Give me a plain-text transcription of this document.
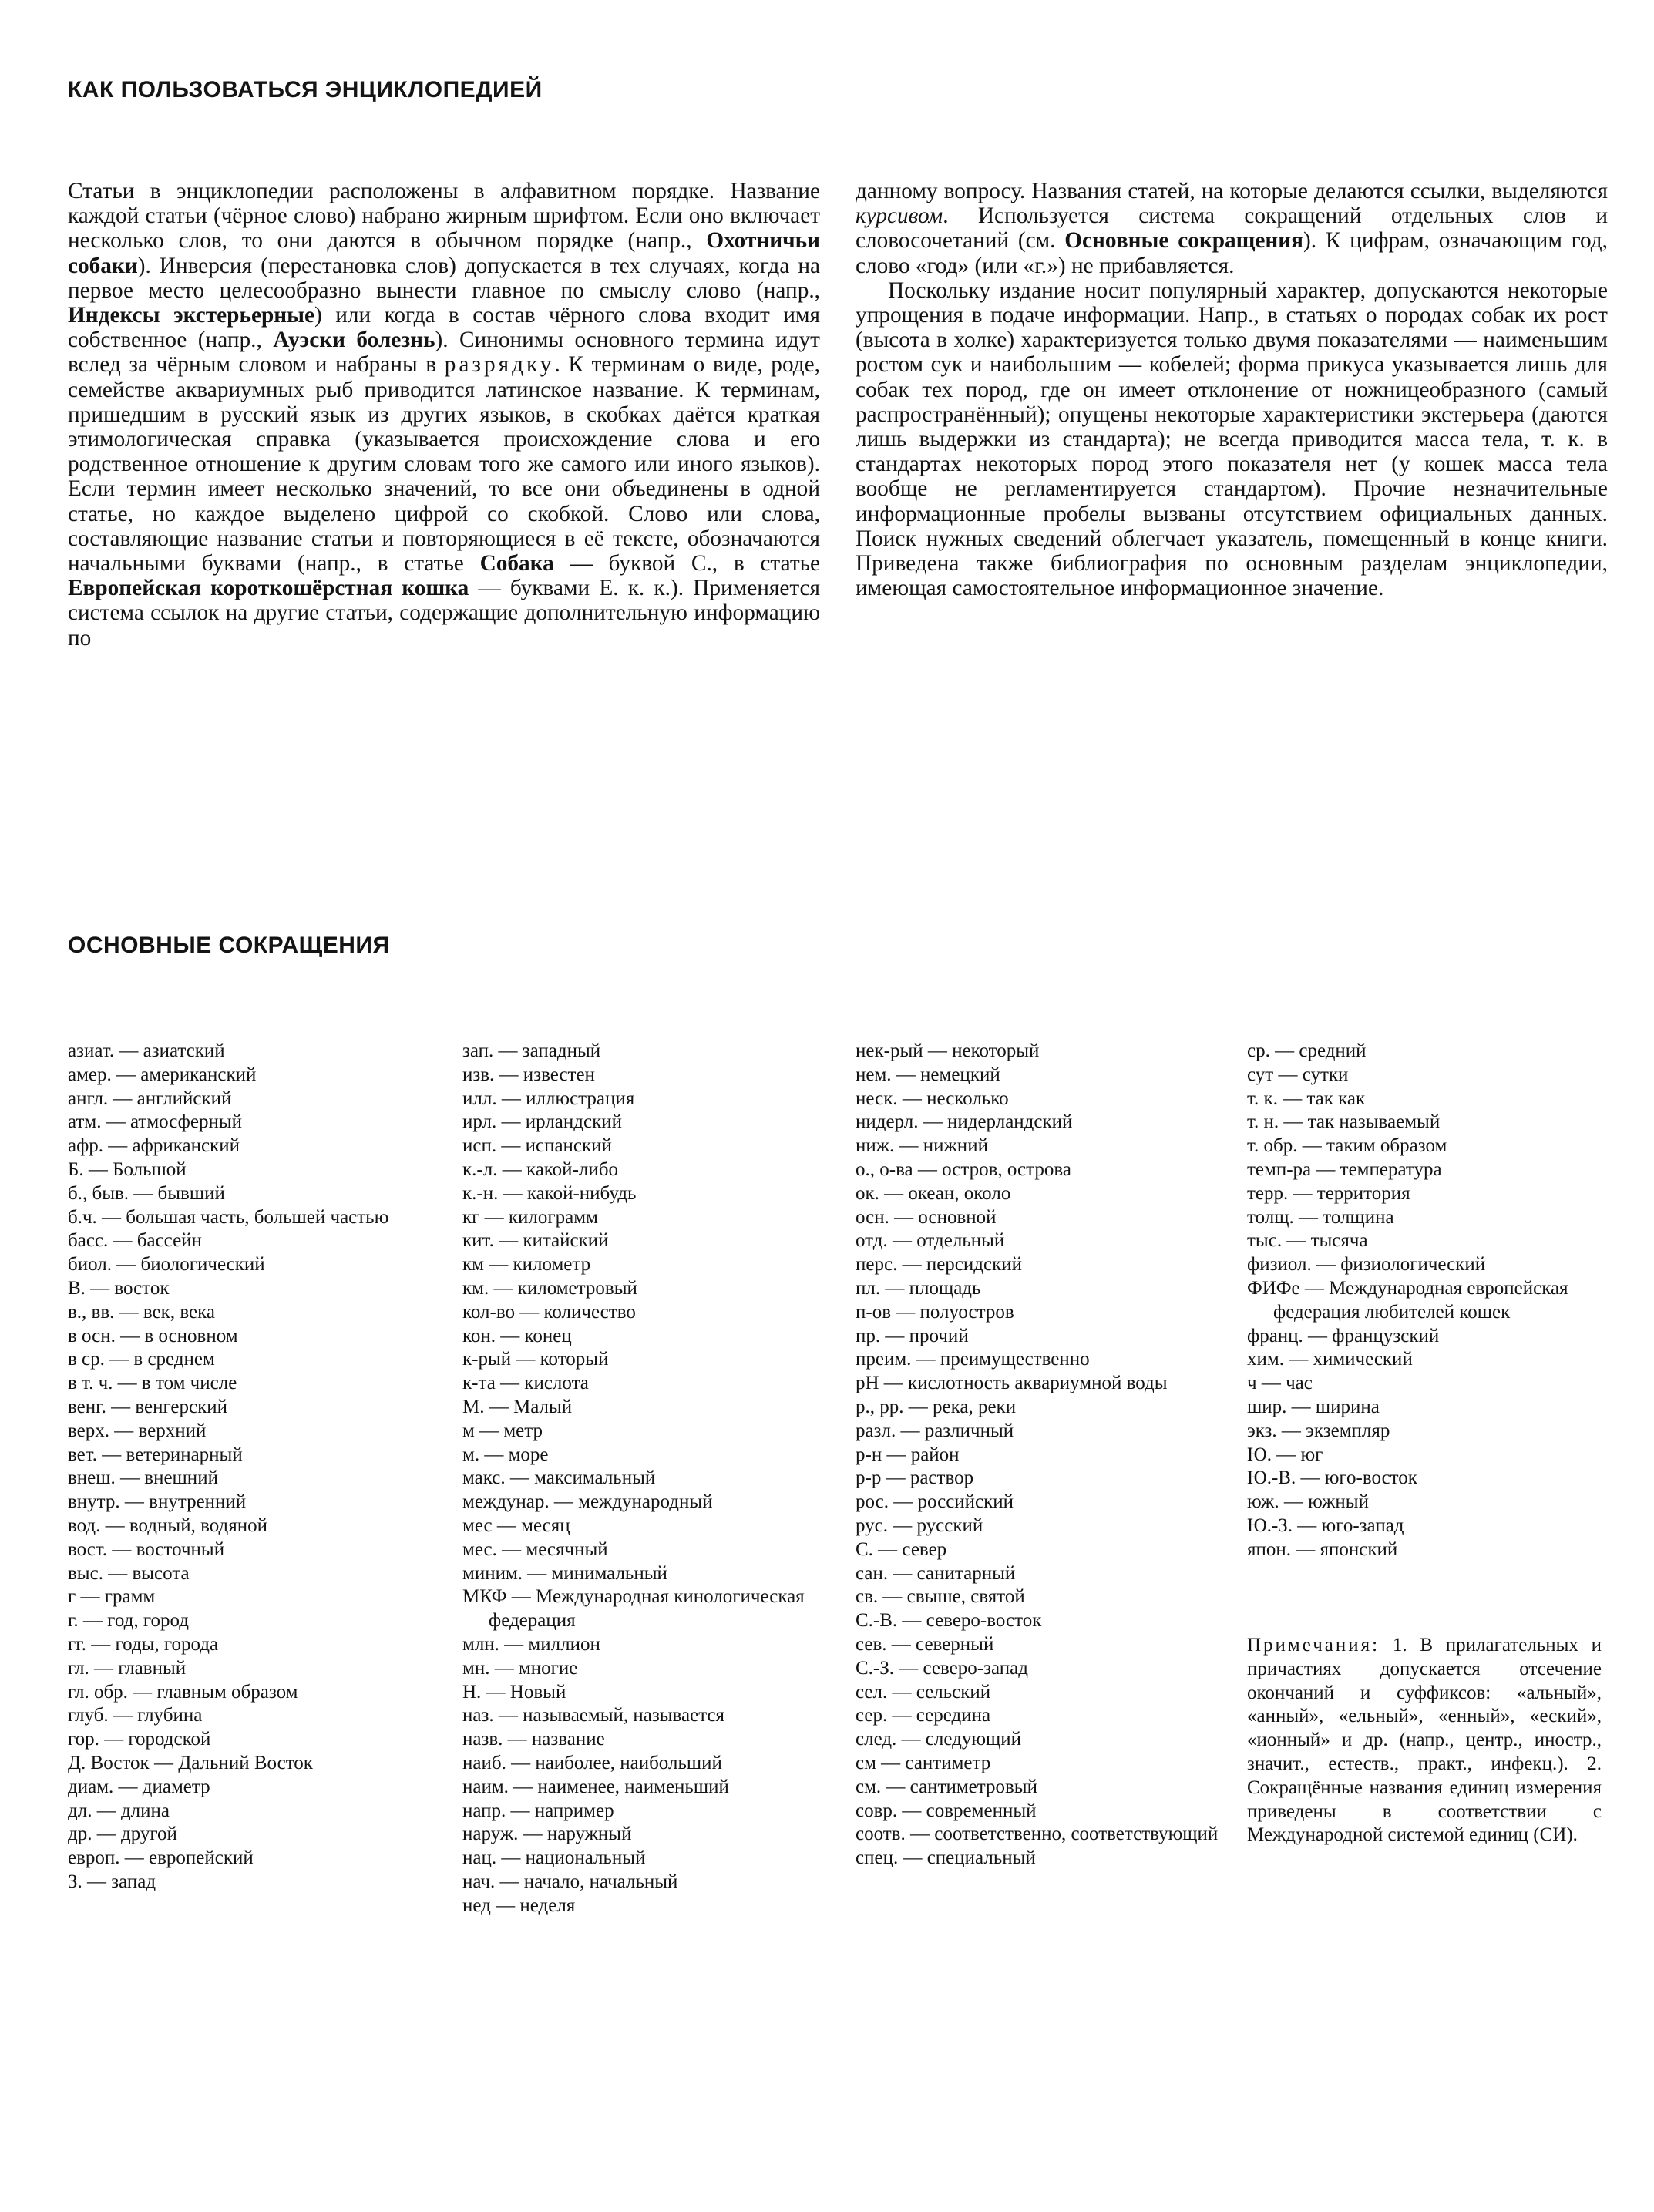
КАК ПОЛЬЗОВАТЬСЯ ЭНЦИКЛОПЕДИЕЙ

Статьи в энциклопедии расположены в алфавитном порядке. Название каждой статьи (чёрное слово) набрано жирным шрифтом. Если оно включает несколько слов, то они даются в обычном порядке (напр., Охотничьи собаки). Инверсия (перестановка слов) допускается в тех случаях, когда на первое место целесообразно вынести главное по смыслу слово (напр., Индексы экстерьерные) или когда в состав чёрного слова входит имя собственное (напр., Ауэски болезнь). Синонимы основного термина идут вслед за чёрным словом и набраны в разрядку. К терминам о виде, роде, семействе аквариумных рыб приводится латинское название. К терминам, пришедшим в русский язык из других языков, в скобках даётся краткая этимологическая справка (указывается происхождение слова и его родственное отношение к другим словам того же самого или иного языков). Если термин имеет несколько значений, то все они объединены в одной статье, но каждое выделено цифрой со скобкой. Слово или слова, составляющие название статьи и повторяющиеся в её тексте, обозначаются начальными буквами (напр., в статье Собака — буквой С., в статье Европейская короткошёрстная кошка — буквами Е. к. к.). Применяется система ссылок на другие статьи, содержащие дополнительную информацию по

данному вопросу. Названия статей, на которые делаются ссылки, выделяются курсивом. Используется система сокращений отдельных слов и словосочетаний (см. Основные сокращения). К цифрам, означающим год, слово «год» (или «г.») не прибавляется.

Поскольку издание носит популярный характер, допускаются некоторые упрощения в подаче информации. Напр., в статьях о породах собак их рост (высота в холке) характеризуется только двумя показателями — наименьшим ростом сук и наибольшим — кобелей; форма прикуса указывается лишь для собак тех пород, где он имеет отклонение от ножницеобразного (самый распространённый); опущены некоторые характеристики экстерьера (даются лишь выдержки из стандарта); не всегда приводится масса тела, т. к. в стандартах некоторых пород этого показателя нет (у кошек масса тела вообще не регламентируется стандартом). Прочие незначительные информационные пробелы вызваны отсутствием официальных данных. Поиск нужных сведений облегчает указатель, помещенный в конце книги. Приведена также библиография по основным разделам энциклопедии, имеющая самостоятельное информационное значение.

ОСНОВНЫЕ СОКРАЩЕНИЯ
азиат. — азиатский
амер. — американский
англ. — английский
атм. — атмосферный
афр. — африканский
Б. — Большой
б., быв. — бывший
б.ч. — большая часть, большей частью
басс. — бассейн
биол. — биологический
В. — восток
в., вв. — век, века
в осн. — в основном
в ср. — в среднем
в т. ч. — в том числе
венг. — венгерский
верх. — верхний
вет. — ветеринарный
внеш. — внешний
внутр. — внутренний
вод. — водный, водяной
вост. — восточный
выс. — высота
г — грамм
г. — год, город
гг. — годы, города
гл. — главный
гл. обр. — главным образом
глуб. — глубина
гор. — городской
Д. Восток — Дальний Восток
диам. — диаметр
дл. — длина
др. — другой
европ. — европейский
З. — запад
зап. — западный
изв. — известен
илл. — иллюстрация
ирл. — ирландский
исп. — испанский
к.-л. — какой-либо
к.-н. — какой-нибудь
кг — килограмм
кит. — китайский
км — километр
км. — километровый
кол-во — количество
кон. — конец
к-рый — который
к-та — кислота
М. — Малый
м — метр
м. — море
макс. — максимальный
междунар. — международный
мес — месяц
мес. — месячный
миним. — минимальный
МКФ — Международная кинологическая федерация
млн. — миллион
мн. — многие
Н. — Новый
наз. — называемый, называется
назв. — название
наиб. — наиболее, наибольший
наим. — наименее, наименьший
напр. — например
наруж. — наружный
нац. — национальный
нач. — начало, начальный
нед — неделя
нек-рый — некоторый
нем. — немецкий
неск. — несколько
нидерл. — нидерландский
ниж. — нижний
о., о-ва — остров, острова
ок. — океан, около
осн. — основной
отд. — отдельный
перс. — персидский
пл. — площадь
п-ов — полуостров
пр. — прочий
преим. — преимущественно
pH — кислотность аквариумной воды
р., рр. — река, реки
разл. — различный
р-н — район
р-р — раствор
рос. — российский
рус. — русский
С. — север
сан. — санитарный
св. — свыше, святой
С.-В. — северо-восток
сев. — северный
С.-З. — северо-запад
сел. — сельский
сер. — середина
след. — следующий
см — сантиметр
см. — сантиметровый
совр. — современный
соотв. — соответственно, соответствующий
спец. — специальный
ср. — средний
сут — сутки
т. к. — так как
т. н. — так называемый
т. обр. — таким образом
темп-ра — температура
терр. — территория
толщ. — толщина
тыс. — тысяча
физиол. — физиологический
ФИФе — Международная европейская федерация любителей кошек
франц. — французский
хим. — химический
ч — час
шир. — ширина
экз. — экземпляр
Ю. — юг
Ю.-В. — юго-восток
юж. — южный
Ю.-З. — юго-запад
япон. — японский

Примечания: 1. В прилагательных и причастиях допускается отсечение окончаний и суффиксов: «альный», «анный», «ельный», «енный», «еский», «ионный» и др. (напр., центр., иностр., значит., естеств., практ., инфекц.). 2. Сокращённые названия единиц измерения приведены в соответствии с Международной системой единиц (СИ).
